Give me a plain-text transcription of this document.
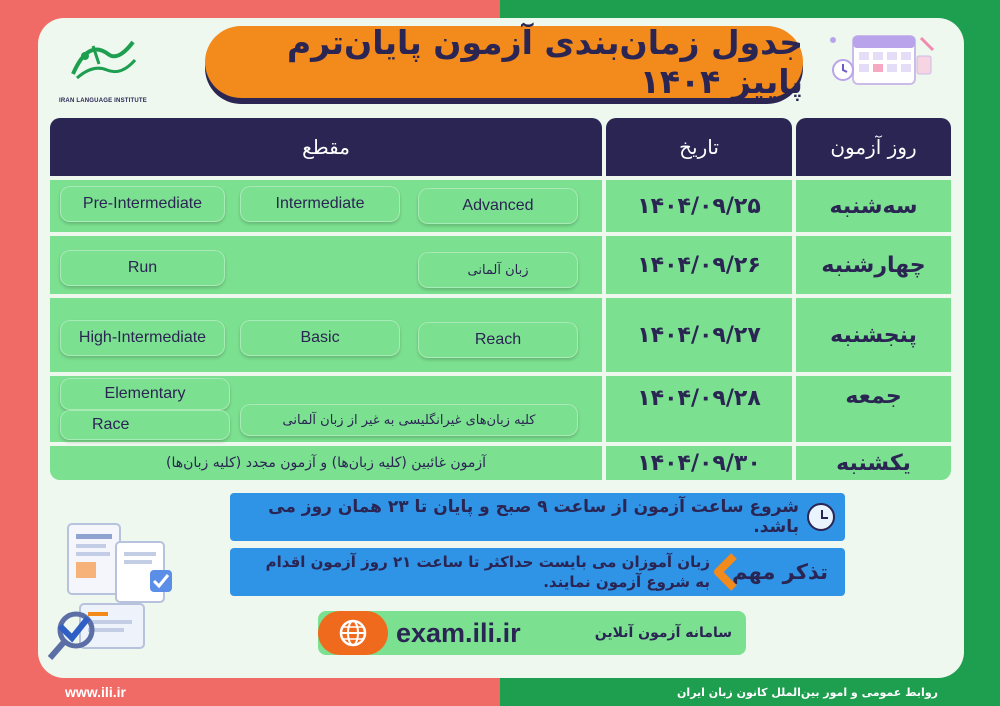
IRAN LANGUAGE INSTITUTE
جدول زمان‌بندی آزمون پایان‌ترم پاییز ۱۴۰۴
روز آزمون
تاریخ
مقطع
سه‌شنبه
۱۴۰۴/۰۹/۲۵
Advanced
Intermediate
Pre-Intermediate
چهارشنبه
۱۴۰۴/۰۹/۲۶
زبان آلمانی
Run
پنجشنبه
۱۴۰۴/۰۹/۲۷
Reach
Basic
High-Intermediate
جمعه
۱۴۰۴/۰۹/۲۸
کلیه زبان‌های غیرانگلیسی به غیر از زبان آلمانی
Elementary
Race
یکشنبه
۱۴۰۴/۰۹/۳۰
آزمون غائبین (کلیه زبان‌ها) و آزمون مجدد (کلیه زبان‌ها)
شروع ساعت آزمون از ساعت ۹ صبح و پایان تا ۲۳ همان روز می باشد.
تذکر مهم
زبان آموزان می بایست حداکثر تا ساعت ۲۱ روز آزمون اقدام به شروع آزمون نمایند.
exam.ili.ir	سامانه آزمون آنلاین
www.ili.ir	روابط عمومی و امور بین‌الملل کانون زبان ایران
